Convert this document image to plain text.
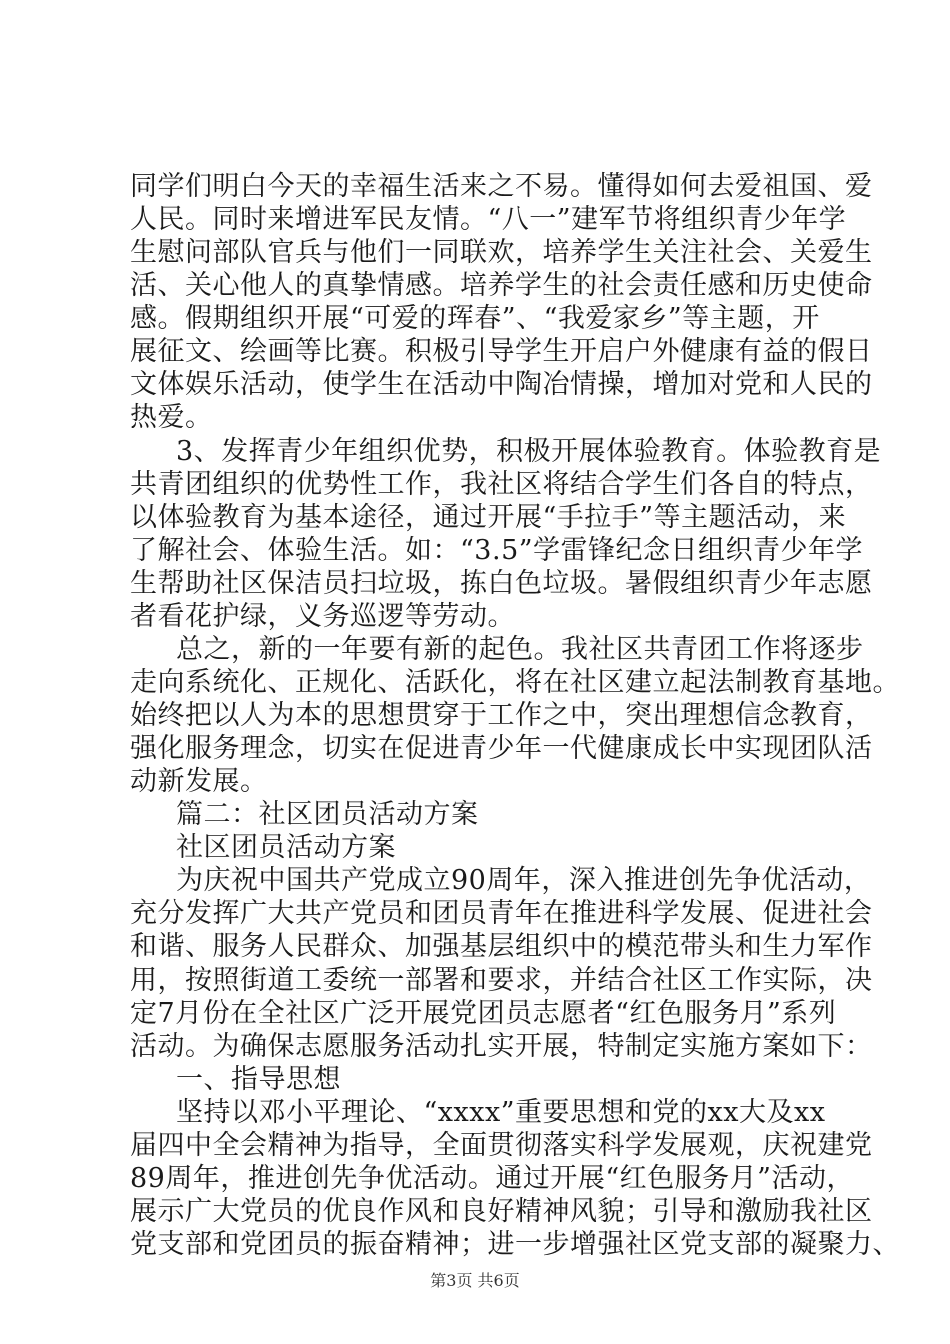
同学们明白今天的幸福生活来之不易。懂得如何去爱祖国、爱
人民。同时来增进军民友情。“八一”建军节将组织青少年学
生慰问部队官兵与他们一同联欢，培养学生关注社会、关爱生
活、关心他人的真挚情感。培养学生的社会责任感和历史使命
感。假期组织开展“可爱的珲春”、“我爱家乡”等主题，开
展征文、绘画等比赛。积极引导学生开启户外健康有益的假日
文体娱乐活动，使学生在活动中陶冶情操，增加对党和人民的
热爱。
3、发挥青少年组织优势，积极开展体验教育。体验教育是
共青团组织的优势性工作，我社区将结合学生们各自的特点，
以体验教育为基本途径，通过开展“手拉手”等主题活动，来
了解社会、体验生活。如：“3.5”学雷锋纪念日组织青少年学
生帮助社区保洁员扫垃圾，拣白色垃圾。暑假组织青少年志愿
者看花护绿，义务巡逻等劳动。
总之，新的一年要有新的起色。我社区共青团工作将逐步
走向系统化、正规化、活跃化，将在社区建立起法制教育基地。
始终把以人为本的思想贯穿于工作之中，突出理想信念教育，
强化服务理念，切实在促进青少年一代健康成长中实现团队活
动新发展。
篇二：社区团员活动方案
社区团员活动方案
为庆祝中国共产党成立90周年，深入推进创先争优活动，
充分发挥广大共产党员和团员青年在推进科学发展、促进社会
和谐、服务人民群众、加强基层组织中的模范带头和生力军作
用，按照街道工委统一部署和要求，并结合社区工作实际，决
定7月份在全社区广泛开展党团员志愿者“红色服务月”系列
活动。为确保志愿服务活动扎实开展，特制定实施方案如下：
一、指导思想
坚持以邓小平理论、“xxxx”重要思想和党的xx大及xx
届四中全会精神为指导，全面贯彻落实科学发展观，庆祝建党
89周年，推进创先争优活动。通过开展“红色服务月”活动，
展示广大党员的优良作风和良好精神风貌；引导和激励我社区
党支部和党团员的振奋精神；进一步增强社区党支部的凝聚力、
第3页 共6页
